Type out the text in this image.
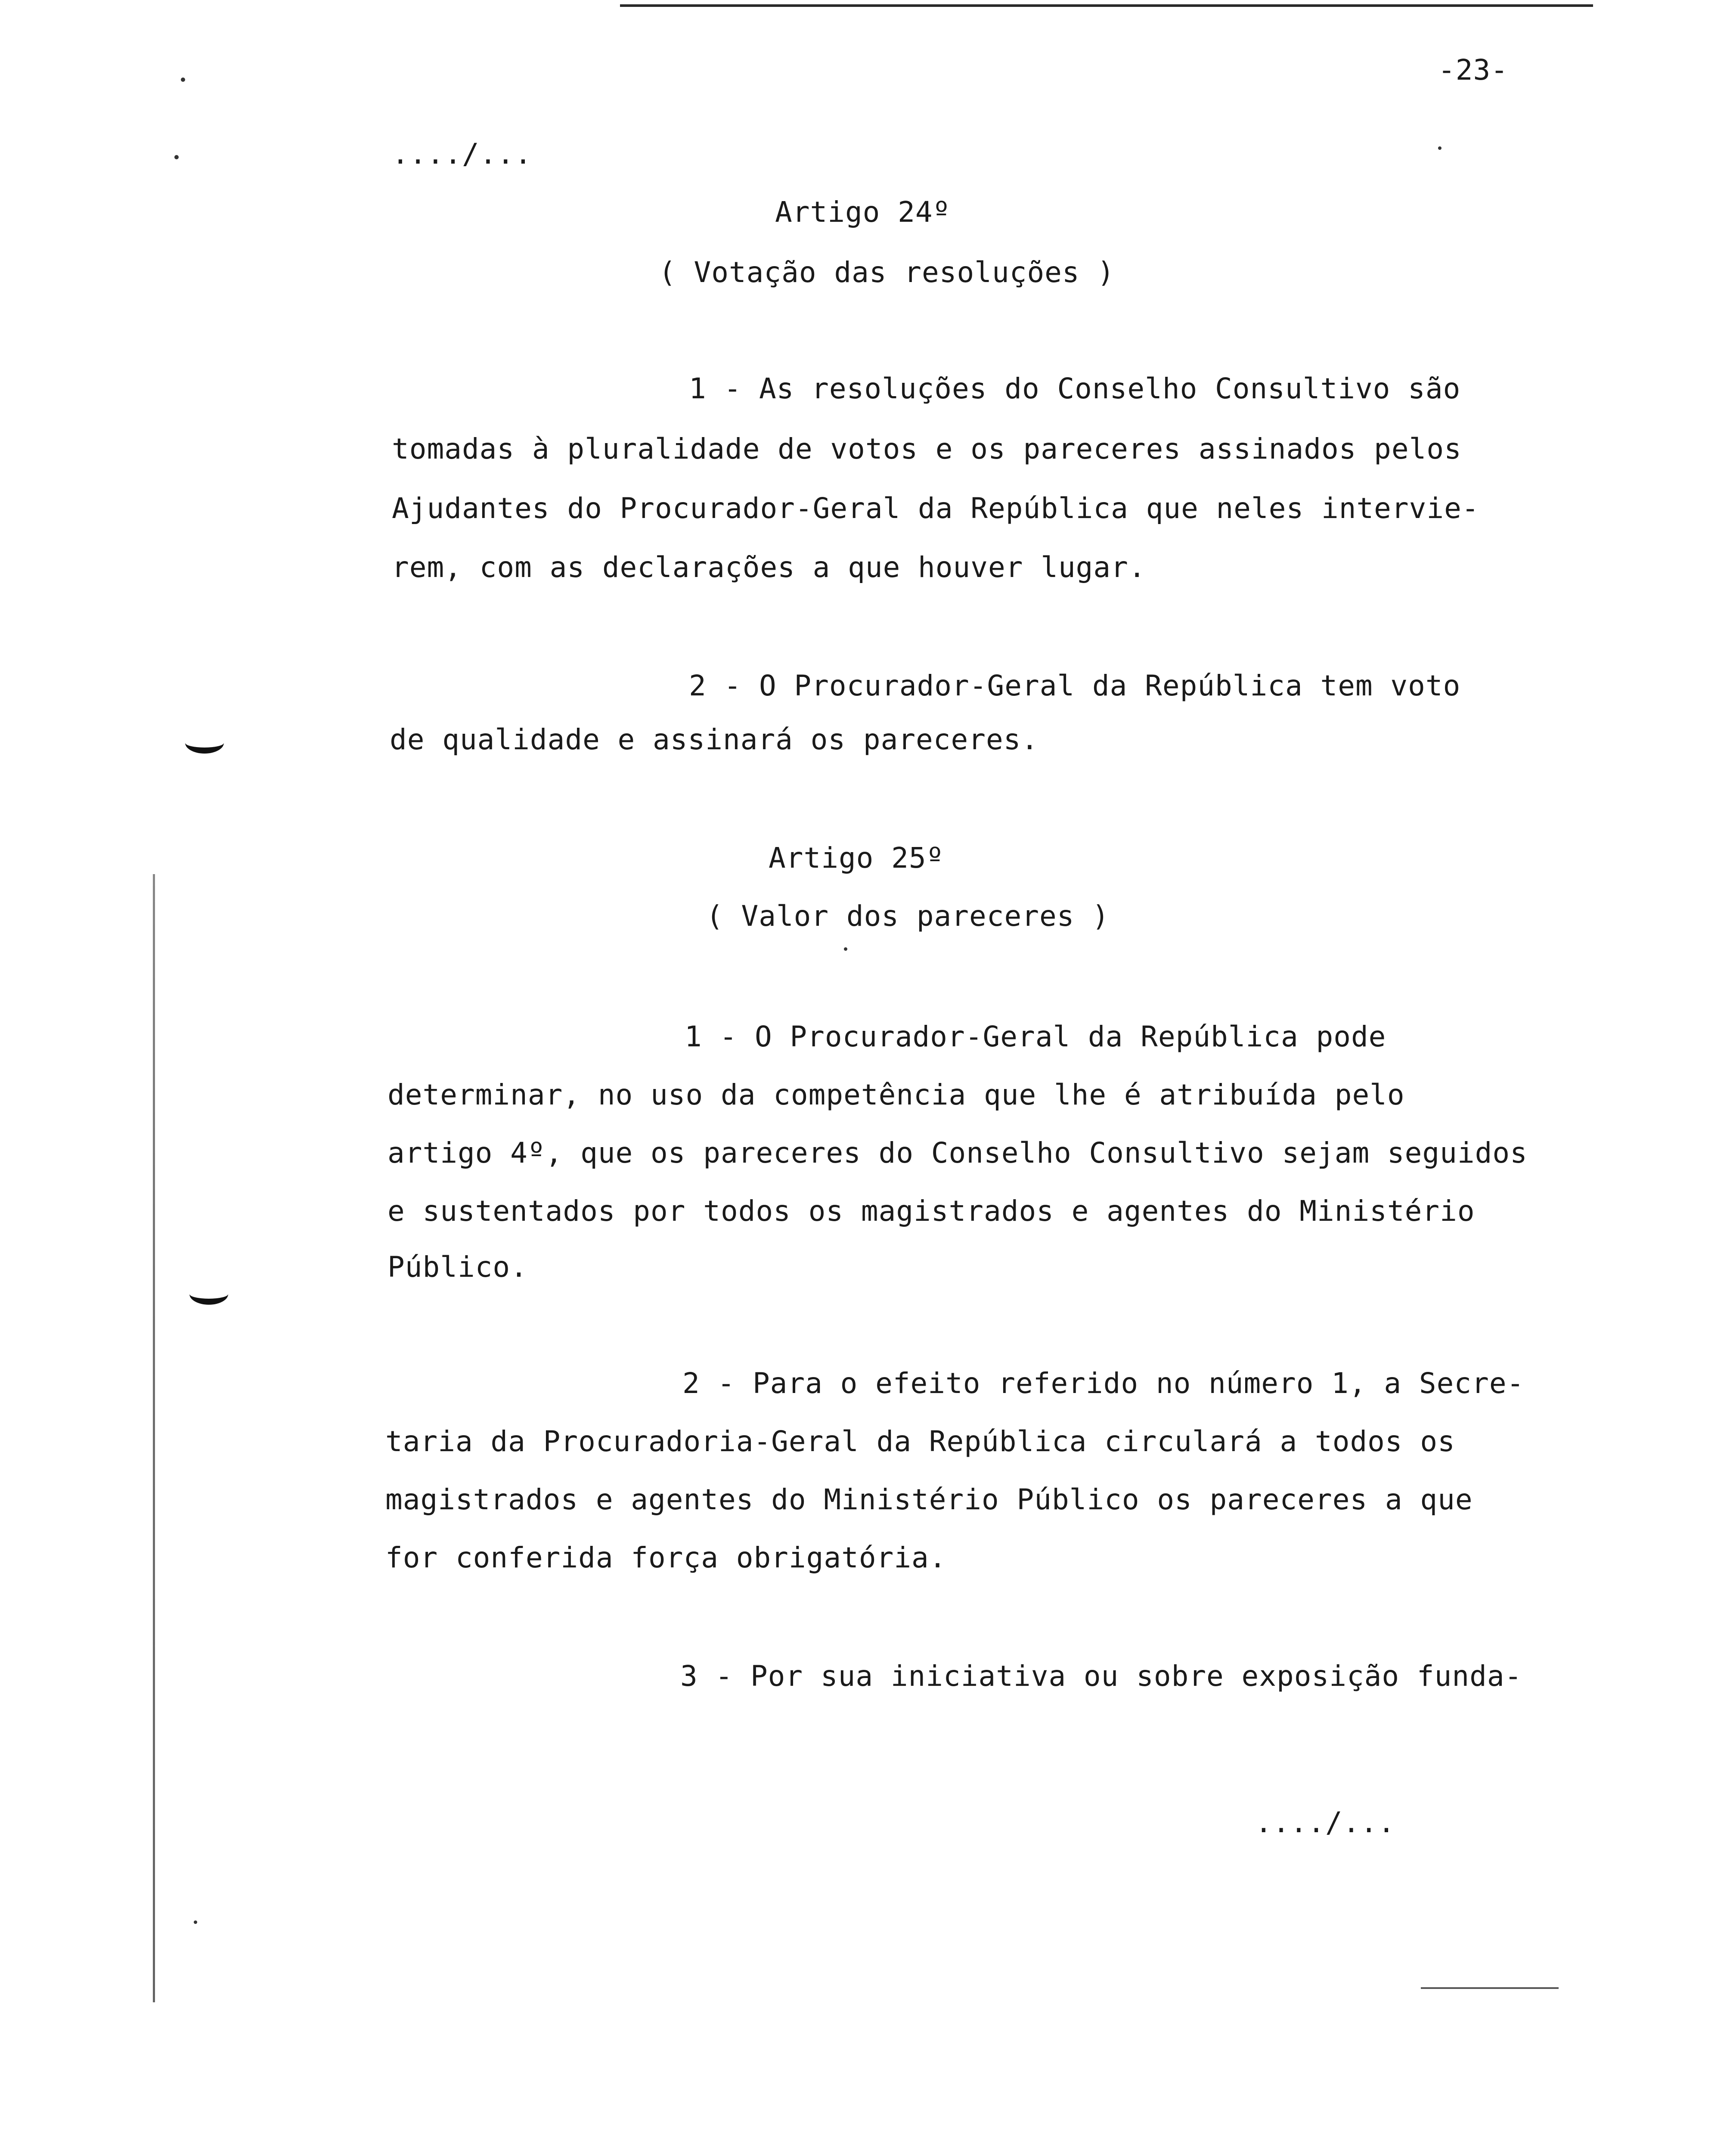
-23-
..../...
Artigo 24º
( Votação das resoluções )
1 - As resoluções do Conselho Consultivo são
tomadas à pluralidade de votos e os pareceres assinados pelos
Ajudantes do Procurador-Geral da República que neles intervie-
rem, com as declarações a que houver lugar.
2 - O Procurador-Geral da República tem voto
de qualidade e assinará os pareceres.
Artigo 25º
( Valor dos pareceres )
1 - O Procurador-Geral da República pode
determinar, no uso da competência que lhe é atribuída pelo
artigo 4º, que os pareceres do Conselho Consultivo sejam seguidos
e sustentados por todos os magistrados e agentes do Ministério
Público.
2 - Para o efeito referido no número 1, a Secre-
taria da Procuradoria-Geral da República circulará a todos os
magistrados e agentes do Ministério Público os pareceres a que
for conferida força obrigatória.
3 - Por sua iniciativa ou sobre exposição funda-
..../...
